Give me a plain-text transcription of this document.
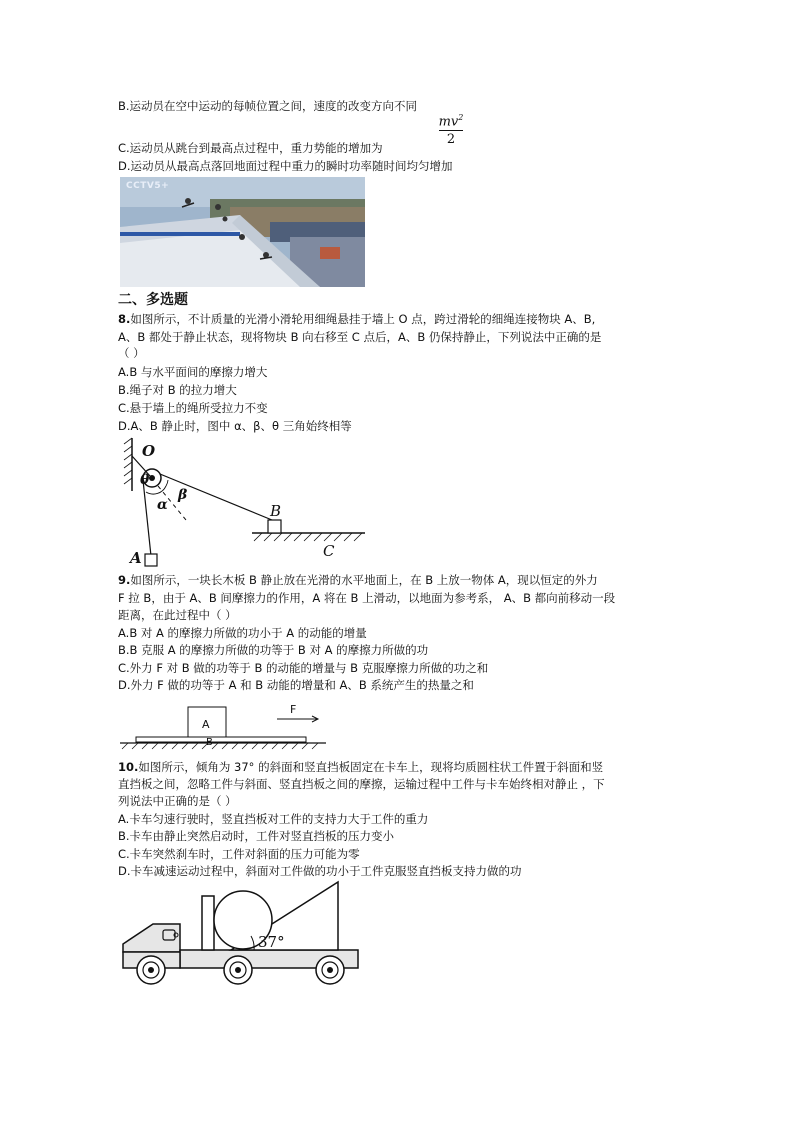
B.运动员在空中运动的每帧位置之间，速度的改变方向不同
C.运动员从跳台到最高点过程中，重力势能的增加为
$mv^2$
2
D.运动员从最高点落回地面过程中重力的瞬时功率随时间均匀增加
CCTV5+
二、多选题
8.如图所示，不计质量的光滑小滑轮用细绳悬挂于墙上 O 点，跨过滑轮的细绳连接物块 A、B,
A、B 都处于静止状态，现将物块 B 向右移至 C 点后，A、B 仍保持静止，下列说法中正确的是
（ ）
A.B 与水平面间的摩擦力增大
B.绳子对 B 的拉力增大
C.悬于墙上的绳所受拉力不变
D.A、B 静止时，图中 α、β、θ 三角始终相等
O
θ
α
β
A
B
C
9.如图所示，一块长木板 B 静止放在光滑的水平地面上，在 B 上放一物体 A，现以恒定的外力
F 拉 B，由于 A、B 间摩擦力的作用，A 将在 B 上滑动，以地面为参考系， A、B 都向前移动一段
距离，在此过程中（ ）
A.B 对 A 的摩擦力所做的功小于 A 的动能的增量
B.B 克服 A 的摩擦力所做的功等于 B 对 A 的摩擦力所做的功
C.外力 F 对 B 做的功等于 B 的动能的增量与 B 克服摩擦力所做的功之和
D.外力 F 做的功等于 A 和 B 动能的增量和 A、B 系统产生的热量之和
A
B
F
10.如图所示，倾角为 37° 的斜面和竖直挡板固定在卡车上，现将均质圆柱状工件置于斜面和竖
直挡板之间，忽略工件与斜面、竖直挡板之间的摩擦，运输过程中工件与卡车始终相对静止 ，下
列说法中正确的是（ ）
A.卡车匀速行驶时，竖直挡板对工件的支持力大于工件的重力
B.卡车由静止突然启动时，工件对竖直挡板的压力变小
C.卡车突然刹车时，工件对斜面的压力可能为零
D.卡车减速运动过程中，斜面对工件做的功小于工件克服竖直挡板支持力做的功
37°
